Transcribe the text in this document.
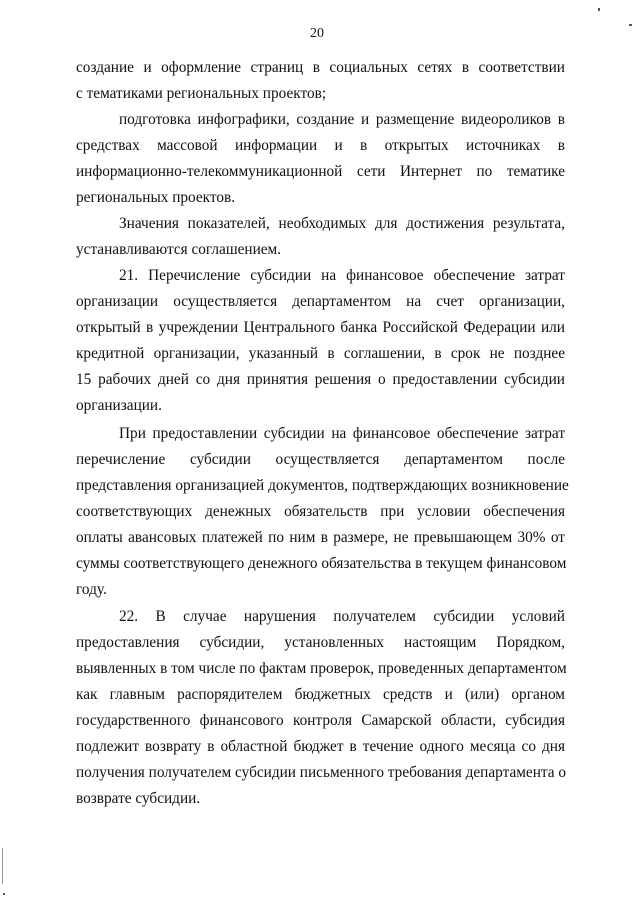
20
создание и оформление страниц в социальных сетях в соответствии
с тематиками региональных проектов;
подготовка инфографики, создание и размещение видеороликов в
средствах массовой информации и в открытых источниках в
информационно-телекоммуникационной сети Интернет по тематике
региональных проектов.
Значения показателей, необходимых для достижения результата,
устанавливаются соглашением.
21. Перечисление субсидии на финансовое обеспечение затрат
организации осуществляется департаментом на счет организации,
открытый в учреждении Центрального банка Российской Федерации или
кредитной организации, указанный в соглашении, в срок не позднее
15 рабочих дней со дня принятия решения о предоставлении субсидии
организации.
При предоставлении субсидии на финансовое обеспечение затрат
перечисление субсидии осуществляется департаментом после
представления организацией документов, подтверждающих возникновение
соответствующих денежных обязательств при условии обеспечения
оплаты авансовых платежей по ним в размере, не превышающем 30% от
суммы соответствующего денежного обязательства в текущем финансовом
году.
22. В случае нарушения получателем субсидии условий
предоставления субсидии, установленных настоящим Порядком,
выявленных в том числе по фактам проверок, проведенных департаментом
как главным распорядителем бюджетных средств и (или) органом
государственного финансового контроля Самарской области, субсидия
подлежит возврату в областной бюджет в течение одного месяца со дня
получения получателем субсидии письменного требования департамента о
возврате субсидии.
